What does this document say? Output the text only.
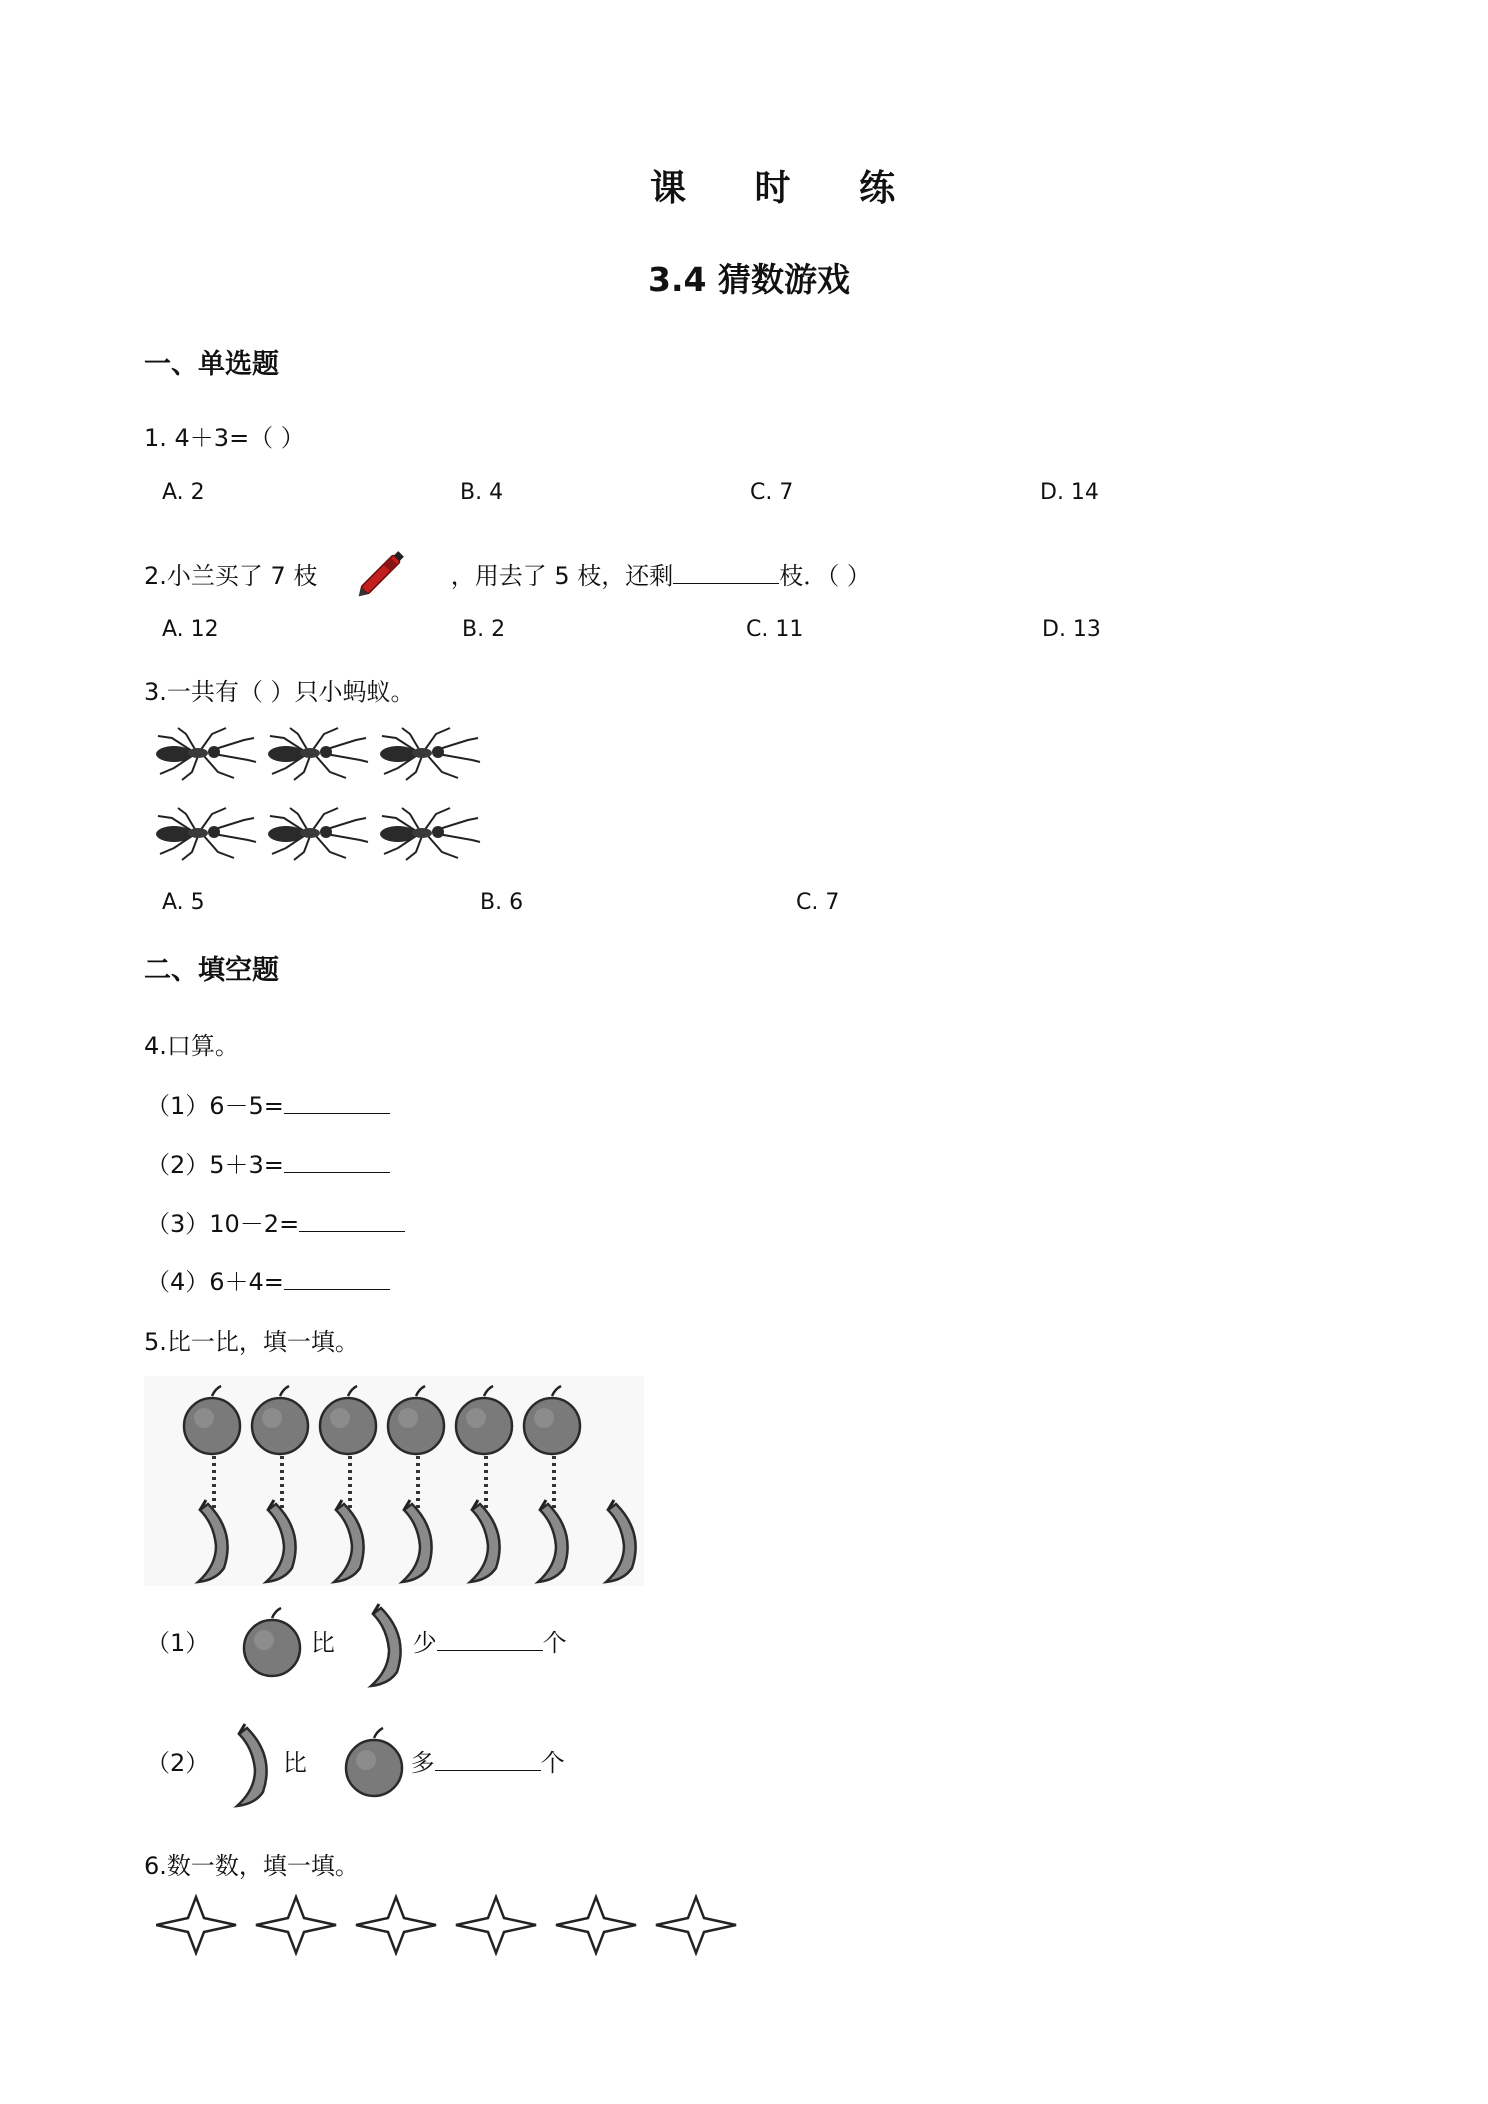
课 时 练
3.4 猜数游戏
一、单选题
1. 4＋3=（ ）
A. 2	B. 4	C. 7	D. 14
2.小兰买了 7 枝	，用去了 5 枝，还剩	枝．（ ）
A. 12	B. 2	C. 11	D. 13
3.一共有（ ）只小蚂蚁。
A. 5	B. 6	C. 7
二、填空题
4.口算。
（1）6－5=
（2）5＋3=
（3）10－2=
（4）6＋4=
5.比一比，填一填。
（1）	比	少	个
（2）	比	多	个
6.数一数，填一填。
